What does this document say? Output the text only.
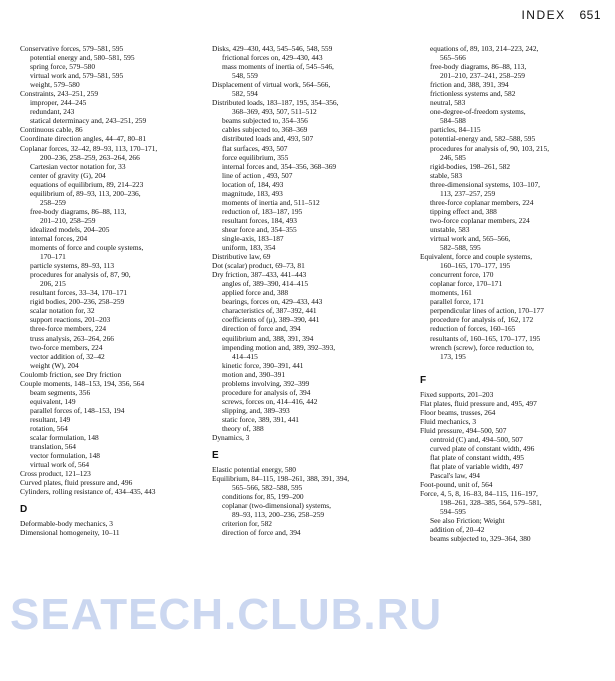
INDEX 651
Conservative forces, 579–581, 595
potential energy and, 580–581, 595
spring force, 579–580
virtual work and, 579–581, 595
weight, 579–580
Constraints, 243–251, 259
improper, 244–245
redundant, 243
statical determinacy and, 243–251, 259
Continuous cable, 86
Coordinate direction angles, 44–47, 80–81
Coplanar forces, 32–42, 89–93, 113, 170–171,
200–236, 258–259, 263–264, 266
Cartesian vector notation for, 33
center of gravity (G), 204
equations of equilibrium, 89, 214–223
equilibrium of, 89–93, 113, 200–236,
258–259
free-body diagrams, 86–88, 113,
201–210, 258–259
idealized models, 204–205
internal forces, 204
moments of force and couple systems,
170–171
particle systems, 89–93, 113
procedures for analysis of, 87, 90,
206, 215
resultant forces, 33–34, 170–171
rigid bodies, 200–236, 258–259
scalar notation for, 32
support reactions, 201–203
three-force members, 224
truss analysis, 263–264, 266
two-force members, 224
vector addition of, 32–42
weight (W), 204
Coulomb friction, see Dry friction
Couple moments, 148–153, 194, 356, 564
beam segments, 356
equivalent, 149
parallel forces of, 148–153, 194
resultant, 149
rotation, 564
scalar formulation, 148
translation, 564
vector formulation, 148
virtual work of, 564
Cross product, 121–123
Curved plates, fluid pressure and, 496
Cylinders, rolling resistance of, 434–435, 443
D
Deformable-body mechanics, 3
Dimensional homogeneity, 10–11
Disks, 429–430, 443, 545–546, 548, 559
frictional forces on, 429–430, 443
mass moments of inertia of, 545–546,
548, 559
Displacement of virtual work, 564–566,
582, 594
Distributed loads, 183–187, 195, 354–356,
368–369, 493, 507, 511–512
beams subjected to, 354–356
cables subjected to, 368–369
distributed loads and, 493, 507
flat surfaces, 493, 507
force equilibrium, 355
internal forces and, 354–356, 368–369
line of action , 493, 507
location of, 184, 493
magnitude, 183, 493
moments of inertia and, 511–512
reduction of, 183–187, 195
resultant forces, 184, 493
shear force and, 354–355
single-axis, 183–187
uniform, 183, 354
Distributive law, 69
Dot (scalar) product, 69–73, 81
Dry friction, 387–433, 441–443
angles of, 389–390, 414–415
applied force and, 388
bearings, forces on, 429–433, 443
characteristics of, 387–392, 441
coefficients of (μ), 389–390, 441
direction of force and, 394
equilibrium and, 388, 391, 394
impending motion and, 389, 392–393,
414–415
kinetic force, 390–391, 441
motion and, 390–391
problems involving, 392–399
procedure for analysis of, 394
screws, forces on, 414–416, 442
slipping, and, 389–393
static force, 389, 391, 441
theory of, 388
Dynamics, 3
E
Elastic potential energy, 580
Equilibrium, 84–115, 198–261, 388, 391, 394,
565–566, 582–588, 595
conditions for, 85, 199–200
coplanar (two-dimensional) systems,
89–93, 113, 200–236, 258–259
criterion for, 582
direction of force and, 394
equations of, 89, 103, 214–223, 242,
565–566
free-body diagrams, 86–88, 113,
201–210, 237–241, 258–259
friction and, 388, 391, 394
frictionless systems and, 582
neutral, 583
one-degree-of-freedom systems,
584–588
particles, 84–115
potential-energy and, 582–588, 595
procedures for analysis of, 90, 103, 215,
246, 585
rigid-bodies, 198–261, 582
stable, 583
three-dimensional systems, 103–107,
113, 237–257, 259
three-force coplanar members, 224
tipping effect and, 388
two-force coplanar members, 224
unstable, 583
virtual work and, 565–566,
582–588, 595
Equivalent, force and couple systems,
160–165, 170–177, 195
concurrent force, 170
coplanar force, 170–171
moments, 161
parallel force, 171
perpendicular lines of action, 170–177
procedure for analysis of, 162, 172
reduction of forces, 160–165
resultants of, 160–165, 170–177, 195
wrench (screw), force reduction to,
173, 195
F
Fixed supports, 201–203
Flat plates, fluid pressure and, 495, 497
Floor beams, trusses, 264
Fluid mechanics, 3
Fluid pressure, 494–500, 507
centroid (C) and, 494–500, 507
curved plate of constant width, 496
flat plate of constant width, 495
flat plate of variable width, 497
Pascal's law, 494
Foot-pound, unit of, 564
Force, 4, 5, 8, 16–83, 84–115, 116–197,
198–261, 328–385, 564, 579–581,
594–595
See also Friction; Weight
addition of, 20–42
beams subjected to, 329–364, 380
SEATECH.CLUB.RU
